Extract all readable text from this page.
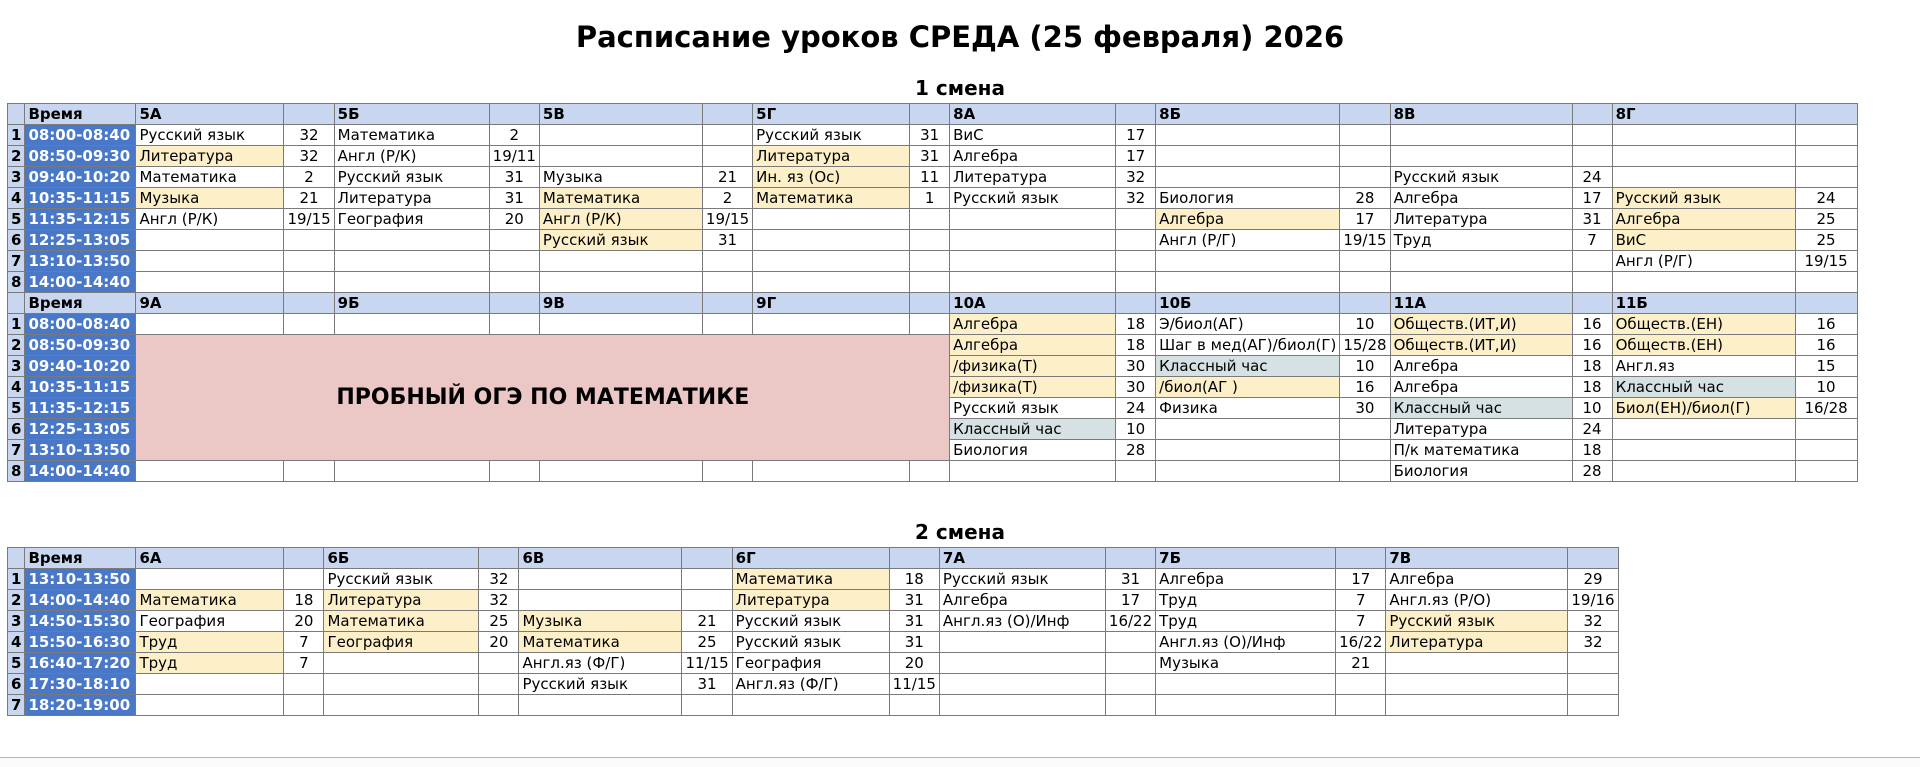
Расписание уроков СРЕДА (25 февраля) 2026
1 смена
2 смена
	Время	5А		5Б		5В		5Г		8А		8Б		8В		8Г	
1	08:00-08:40	Русский язык	32	Математика	2			Русский язык	31	ВиС	17						
2	08:50-09:30	Литература	32	Англ (Р/К)	19/11			Литература	31	Алгебра	17						
3	09:40-10:20	Математика	2	Русский язык	31	Музыка	21	Ин. яз (Ос)	11	Литература	32			Русский язык	24		
4	10:35-11:15	Музыка	21	Литература	31	Математика	2	Математика	1	Русский язык	32	Биология	28	Алгебра	17	Русский язык	24
5	11:35-12:15	Англ (Р/К)	19/15	География	20	Англ (Р/К)	19/15					Алгебра	17	Литература	31	Алгебра	25
6	12:25-13:05					Русский язык	31					Англ (Р/Г)	19/15	Труд	7	ВиС	25
7	13:10-13:50															Англ (Р/Г)	19/15
8	14:00-14:40																
	Время	9А		9Б		9В		9Г		10А		10Б		11А		11Б	
1	08:00-08:40									Алгебра	18	Э/биол(АГ)	10	Обществ.(ИТ,И)	16	Обществ.(ЕН)	16
2	08:50-09:30	ПРОБНЫЙ ОГЭ ПО МАТЕМАТИКЕ								Алгебра	18	Шаг в мед(АГ)/биол(Г)	15/28	Обществ.(ИТ,И)	16	Обществ.(ЕН)	16
3	09:40-10:20									/физика(Т)	30	Классный час	10	Алгебра	18	Англ.яз	15
4	10:35-11:15									/физика(Т)	30	/биол(АГ )	16	Алгебра	18	Классный час	10
5	11:35-12:15									Русский язык	24	Физика	30	Классный час	10	Биол(ЕН)/биол(Г)	16/28
6	12:25-13:05									Классный час	10			Литература	24		
7	13:10-13:50									Биология	28			П/к математика	18		
8	14:00-14:40													Биология	28		
	Время	6А		6Б		6В		6Г		7А		7Б		7В	
1	13:10-13:50			Русский язык	32			Математика	18	Русский язык	31	Алгебра	17	Алгебра	29
2	14:00-14:40	Математика	18	Литература	32			Литература	31	Алгебра	17	Труд	7	Англ.яз (Р/О)	19/16
3	14:50-15:30	География	20	Математика	25	Музыка	21	Русский язык	31	Англ.яз (О)/Инф	16/22	Труд	7	Русский язык	32
4	15:50-16:30	Труд	7	География	20	Математика	25	Русский язык	31			Англ.яз (О)/Инф	16/22	Литература	32
5	16:40-17:20	Труд	7			Англ.яз (Ф/Г)	11/15	География	20			Музыка	21		
6	17:30-18:10					Русский язык	31	Англ.яз (Ф/Г)	11/15						
7	18:20-19:00														
